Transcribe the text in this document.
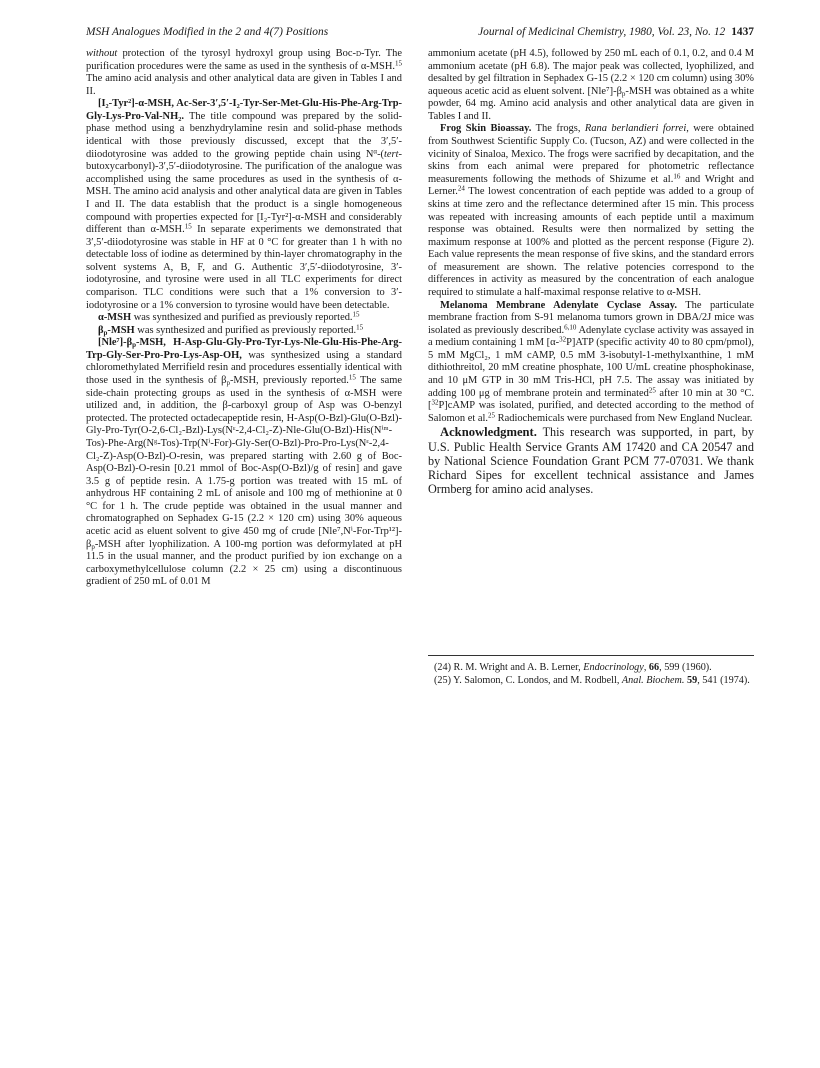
MSH Analogues Modified in the 2 and 4(7) Positions	Journal of Medicinal Chemistry, 1980, Vol. 23, No. 12 1437

without protection of the tyrosyl hydroxyl group using Boc-d-Tyr. The purification procedures were the same as used in the synthesis of α-MSH.$^{15}$ The amino acid analysis and other analytical data are given in Tables I and II.

[I₂-Tyr²]-α-MSH, Ac-Ser-3′,5′-I₂-Tyr-Ser-Met-Glu-His-Phe-Arg-Trp-Gly-Lys-Pro-Val-NH₂. The title compound was prepared by the solid-phase method using a benzhydrylamine resin and solid-phase methods identical with those previously discussed, except that the 3′,5′-diiodotyrosine was added to the growing peptide chain using $N^\alpha-(tert-butoxycarbonyl)-3',5'$-diiodotyrosine. The purification of the analogue was accomplished using the same procedures as used in the synthesis of α-MSH. The amino acid analysis and other analytical data are given in Tables I and II. The data establish that the product is a single homogeneous compound with properties expected for [I₂-Tyr²]-α-MSH and considerably different than α-MSH.$^{15}$ In separate experiments we demonstrated that 3′,5′-diiodotyrosine was stable in HF at 0 °C for greater than 1 h with no detectable loss of iodine as determined by thin-layer chromatography in the solvent systems A, B, F, and G. Authentic 3′,5′-diiodotyrosine, 3′-iodotyrosine, and tyrosine were used in all TLC experiments for direct comparison. TLC conditions were such that a 1% conversion to 3′-iodotyrosine or a 1% conversion to tyrosine would have been detectable.

α-MSH was synthesized and purified as previously reported.$^{15}$

$\beta_p$-MSH was synthesized and purified as previously reported.$^{15}$

$[Nle^7]-\beta_p$-MSH, H-Asp-Glu-Gly-Pro-Tyr-Lys-Nle-Glu-His-Phe-Arg-Trp-Gly-Ser-Pro-Pro-Lys-Asp-OH, was synthesized using a standard chloromethylated Merrifield resin and procedures essentially identical with those used in the synthesis of $\beta_p$-MSH, previously reported.$^{15}$ The same side-chain protecting groups as used in the synthesis of α-MSH were utilized and, in addition, the β-carboxyl group of Asp was O-benzyl protected. The protected octadecapeptide resin, H-Asp(O-Bzl)-Glu(O-Bzl)-Gly-Pro-Tyr(O-2,6-Cl₂-Bzl)-Lys(Nᵋ-2,4-Cl₂-Z)-Nle-Glu(O-Bzl)-His(Nⁱᵐ-Tos)-Phe-Arg(Nᵍ-Tos)-Trp(Nⁱ-For)-Gly-Ser(O-Bzl)-Pro-Pro-Lys(Nᵋ-2,4-Cl₂-Z)-Asp(O-Bzl)-O-resin, was prepared starting with 2.60 g of Boc-Asp(O-Bzl)-O-resin [0.21 mmol of Boc-Asp(O-Bzl)/g of resin] and gave 3.5 g of peptide resin. A 1.75-g portion was treated with 15 mL of anhydrous HF containing 2 mL of anisole and 100 mg of methionine at 0 °C for 1 h. The crude peptide was obtained in the usual manner and chromatographed on Sephadex G-15 (2.2 × 120 cm) using 30% aqueous acetic acid as eluent solvent to give 450 mg of crude $[Nle^7,N^i-For-Trp^{12}]-\beta_p$-MSH after lyophilization. A 100-mg portion was deformylated at pH 11.5 in the usual manner, and the product purified by ion exchange on a carboxymethylcellulose column (2.2 × 25 cm) using a discontinuous gradient of 250 mL of 0.01 M

ammonium acetate (pH 4.5), followed by 250 mL each of 0.1, 0.2, and 0.4 M ammonium acetate (pH 6.8). The major peak was collected, lyophilized, and desalted by gel filtration in Sephadex G-15 (2.2 × 120 cm column) using 30% aqueous acetic acid as eluent solvent. $[Nle^7]-\beta_p$-MSH was obtained as a white powder, 64 mg. Amino acid analysis and other analytical data are given in Tables I and II.

Frog Skin Bioassay. The frogs, Rana berlandieri forrei, were obtained from Southwest Scientific Supply Co. (Tucson, AZ) and were collected in the vicinity of Sinaloa, Mexico. The frogs were sacrified by decapitation, and the skins from each animal were prepared for photometric reflectance measurements following the methods of Shizume et al.$^{16}$ and Wright and Lerner.$^{24}$ The lowest concentration of each peptide was added to a group of skins at time zero and the reflectance determined after 15 min. This process was repeated with increasing amounts of each peptide until a maximum response was obtained. Results were then normalized by setting the maximum response at 100% and plotted as the percent response (Figure 2). Each value represents the mean response of five skins, and the standard errors of measurement are shown. The relative potencies correspond to the differences in activity as measured by the concentration of each analogue required to stimulate a half-maximal response relative to α-MSH.

Melanoma Membrane Adenylate Cyclase Assay. The particulate membrane fraction from S-91 melanoma tumors grown in DBA/2J mice was isolated as previously described.$^{6,10}$ Adenylate cyclase activity was assayed in a medium containing 1 mM [α-$^{32}$P]ATP (specific activity 40 to 80 cpm/pmol), 5 mM MgCl₂, 1 mM cAMP, 0.5 mM 3-isobutyl-1-methylxanthine, 1 mM dithiothreitol, 20 mM creatine phosphate, 100 U/mL creatine phosphokinase, and 10 μM GTP in 30 mM Tris-HCl, pH 7.5. The assay was initiated by adding 100 μg of membrane protein and terminated$^{25}$ after 10 min at 30 °C. [$^{32}$P]cAMP was isolated, purified, and detected according to the method of Salomon et al.$^{25}$ Radiochemicals were purchased from New England Nuclear.

Acknowledgment. This research was supported, in part, by U.S. Public Health Service Grants AM 17420 and CA 20547 and by National Science Foundation Grant PCM 77-07031. We thank Richard Sipes for excellent technical assistance and James Ormberg for amino acid analyses.

(24) R. M. Wright and A. B. Lerner, Endocrinology, 66, 599 (1960).

(25) Y. Salomon, C. Londos, and M. Rodbell, Anal. Biochem. 59, 541 (1974).
